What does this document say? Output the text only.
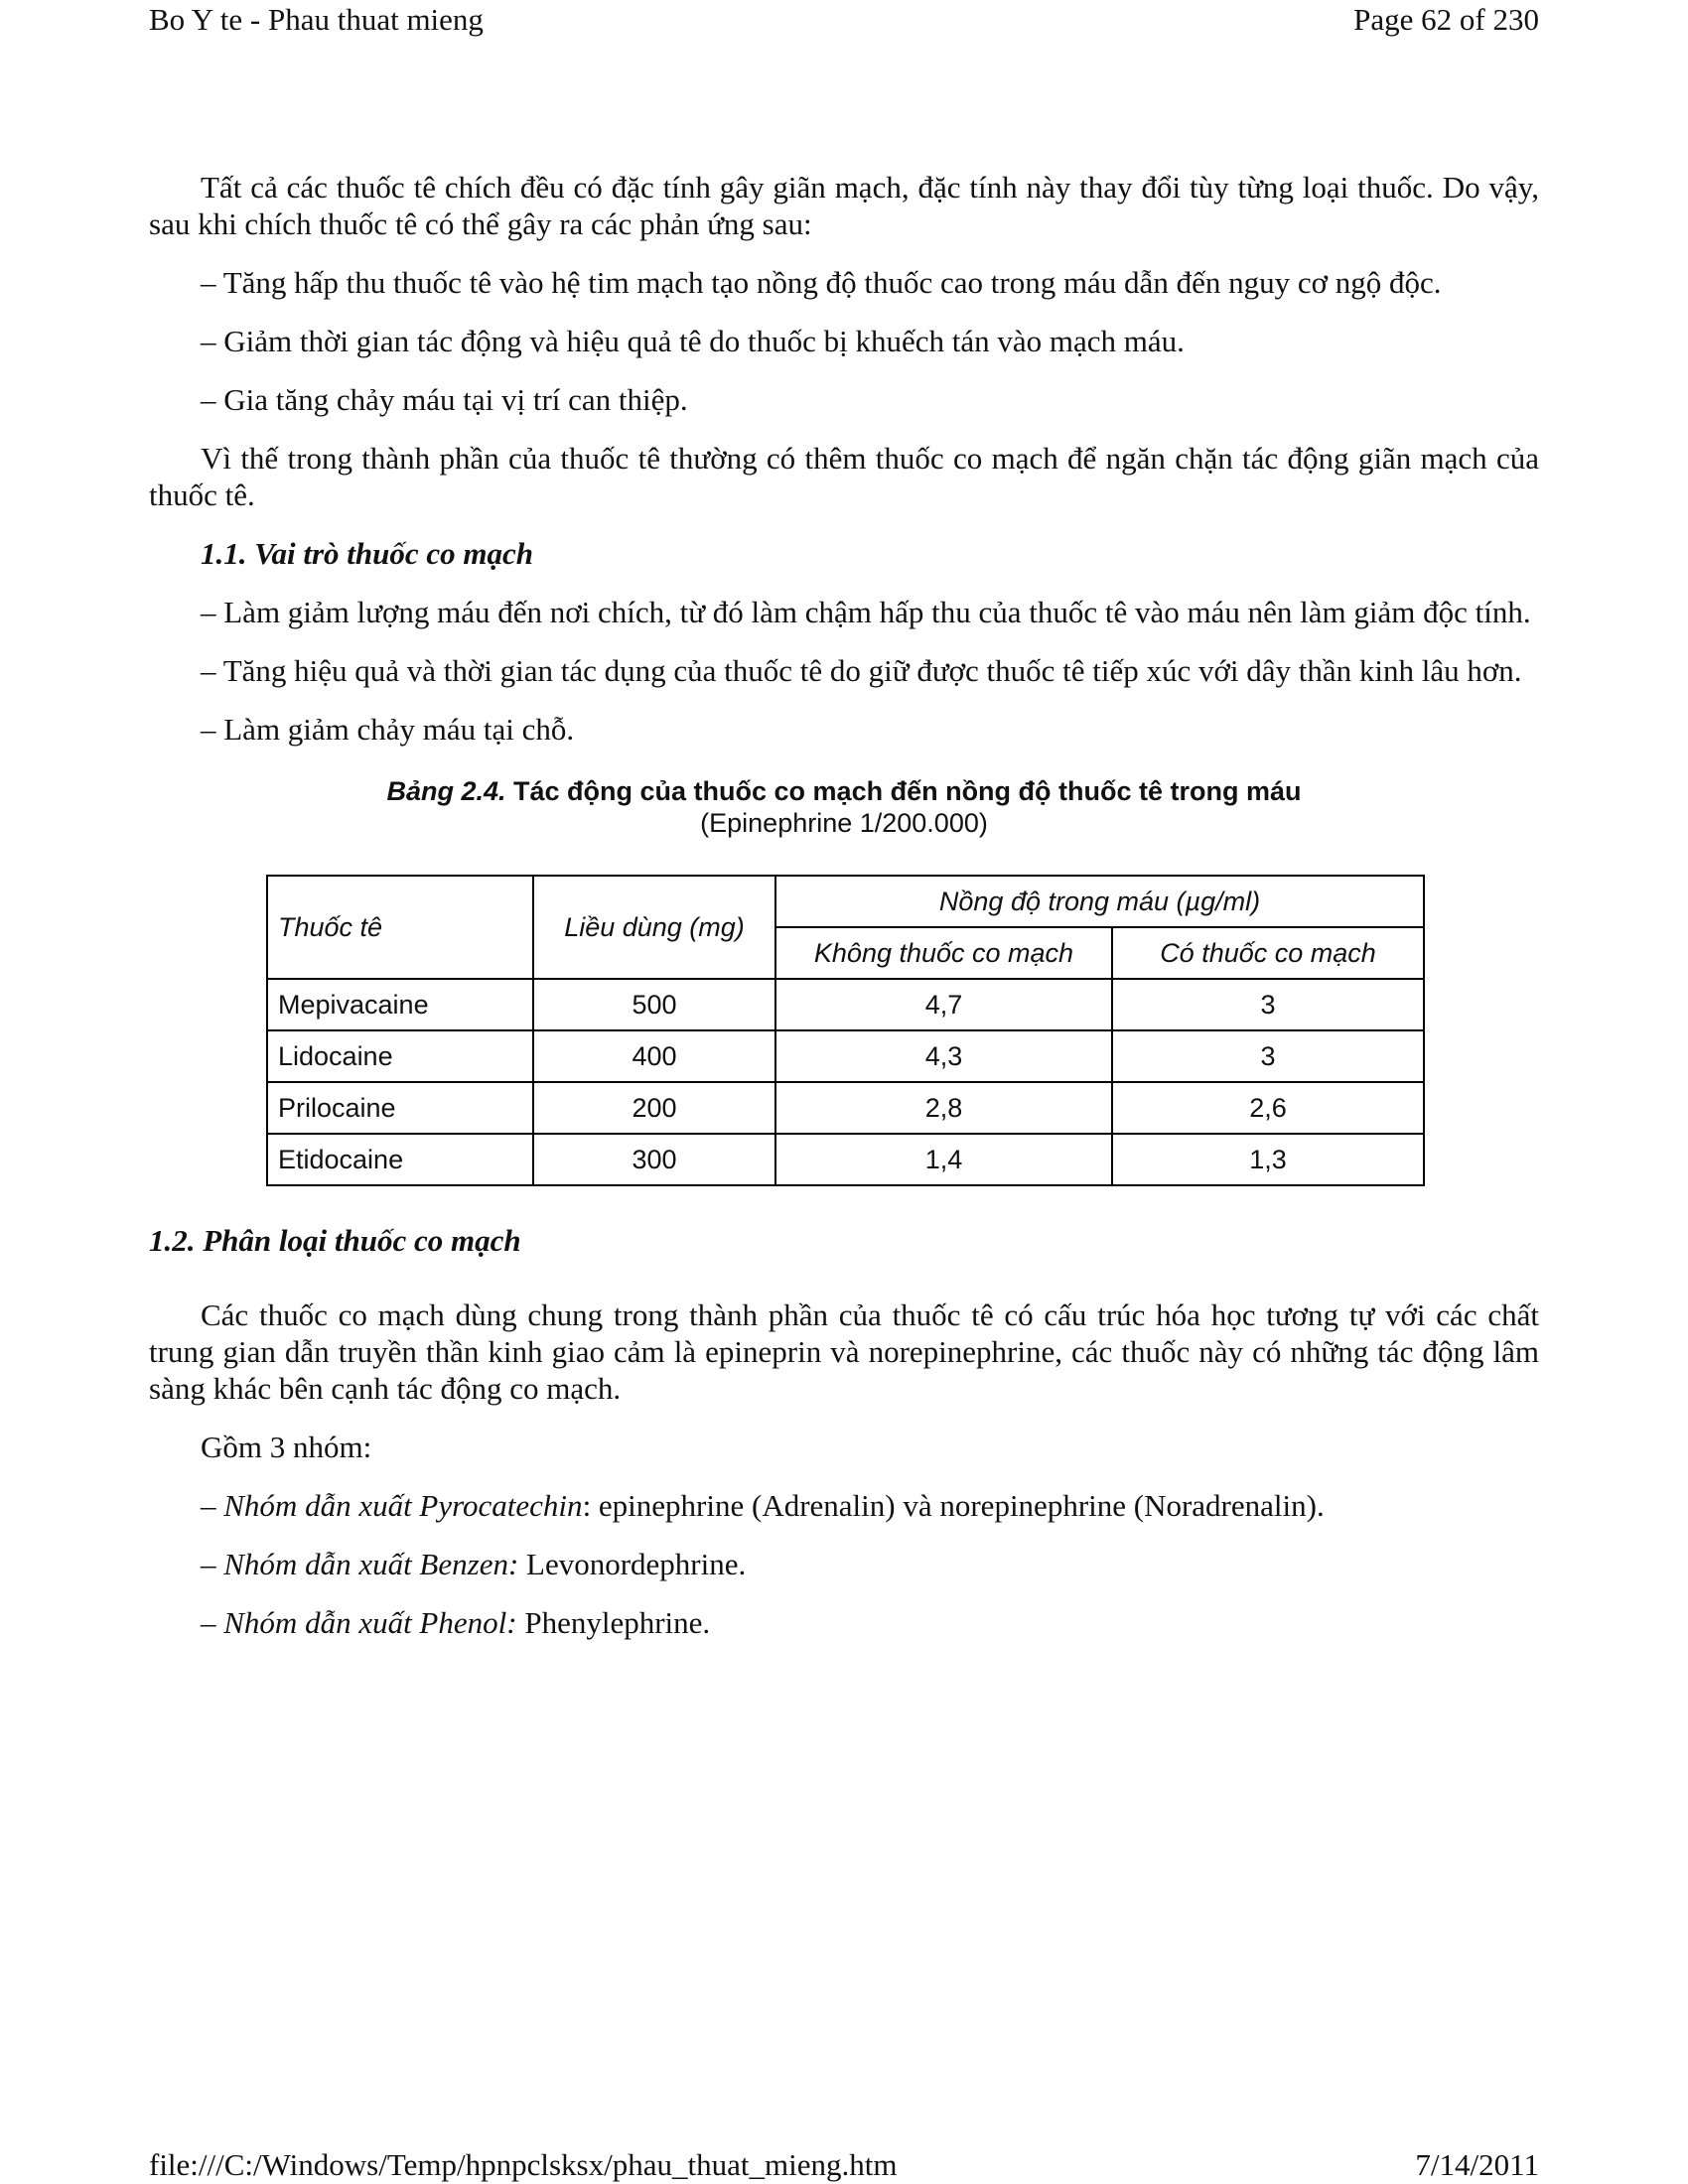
Bo Y te - Phau thuat mieng	Page 62 of 230

Tất cả các thuốc tê chích đều có đặc tính gây giãn mạch, đặc tính này thay đổi tùy từng loại thuốc. Do vậy, sau khi chích thuốc tê có thể gây ra các phản ứng sau:

– Tăng hấp thu thuốc tê vào hệ tim mạch tạo nồng độ thuốc cao trong máu dẫn đến nguy cơ ngộ độc.

– Giảm thời gian tác động và hiệu quả tê do thuốc bị khuếch tán vào mạch máu.

– Gia tăng chảy máu tại vị trí can thiệp.

Vì thế trong thành phần của thuốc tê thường có thêm thuốc co mạch để ngăn chặn tác động giãn mạch của thuốc tê.

1.1. Vai trò thuốc co mạch

– Làm giảm lượng máu đến nơi chích, từ đó làm chậm hấp thu của thuốc tê vào máu nên làm giảm độc tính.

– Tăng hiệu quả và thời gian tác dụng của thuốc tê do giữ được thuốc tê tiếp xúc với dây thần kinh lâu hơn.

– Làm giảm chảy máu tại chỗ.

Bảng 2.4. Tác động của thuốc co mạch đến nồng độ thuốc tê trong máu
(Epinephrine 1/200.000)
Thuốc tê	Liều dùng (mg)	Nồng độ trong máu (µg/ml)	
		Không thuốc co mạch	Có thuốc co mạch
Mepivacaine	500	4,7	3
Lidocaine	400	4,3	3
Prilocaine	200	2,8	2,6
Etidocaine	300	1,4	1,3

1.2. Phân loại thuốc co mạch

Các thuốc co mạch dùng chung trong thành phần của thuốc tê có cấu trúc hóa học tương tự với các chất trung gian dẫn truyền thần kinh giao cảm là epineprin và norepinephrine, các thuốc này có những tác động lâm sàng khác bên cạnh tác động co mạch.

Gồm 3 nhóm:

– Nhóm dẫn xuất Pyrocatechin: epinephrine (Adrenalin) và norepinephrine (Noradrenalin).

– Nhóm dẫn xuất Benzen: Levonordephrine.

– Nhóm dẫn xuất Phenol: Phenylephrine.

file:///C:/Windows/Temp/hpnpclsksx/phau_thuat_mieng.htm	7/14/2011
